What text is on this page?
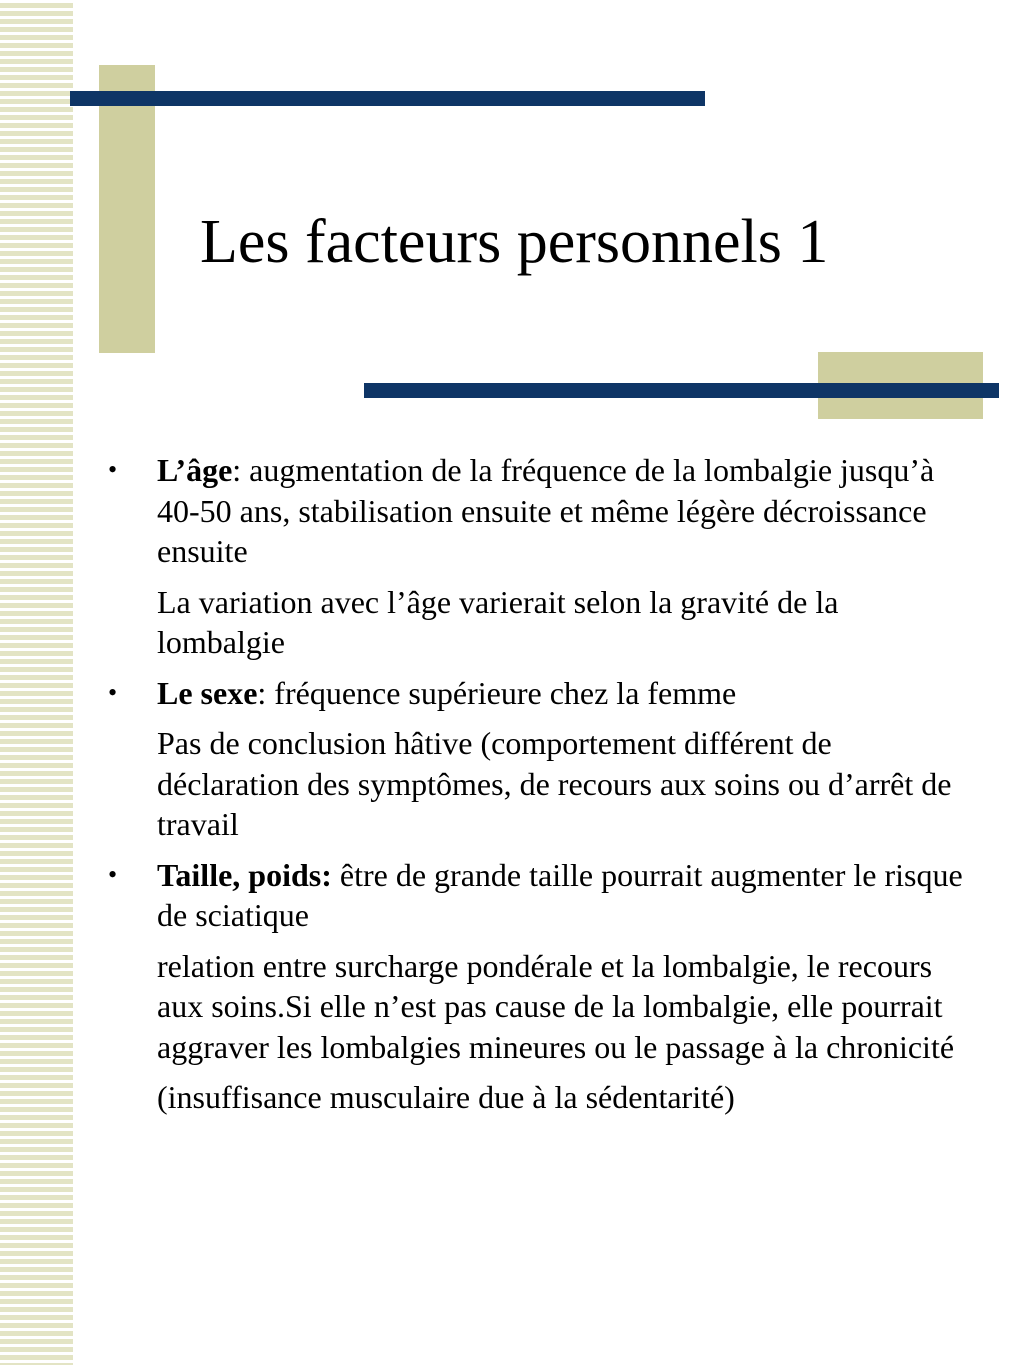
Les facteurs personnels 1

• L’âge: augmentation de la fréquence de la lombalgie jusqu’à 40-50 ans, stabilisation ensuite et même légère décroissance ensuite

La variation avec l’âge varierait selon la gravité de la lombalgie

• Le sexe: fréquence supérieure chez la femme

Pas de conclusion hâtive (comportement différent de déclaration des symptômes, de recours aux soins ou d’arrêt de travail

• Taille, poids: être de grande taille pourrait augmenter le risque de sciatique

relation entre surcharge pondérale et la lombalgie, le recours aux soins.Si elle n’est pas cause de la lombalgie, elle pourrait aggraver les lombalgies mineures ou le passage à la chronicité

(insuffisance musculaire due à la sédentarité)
